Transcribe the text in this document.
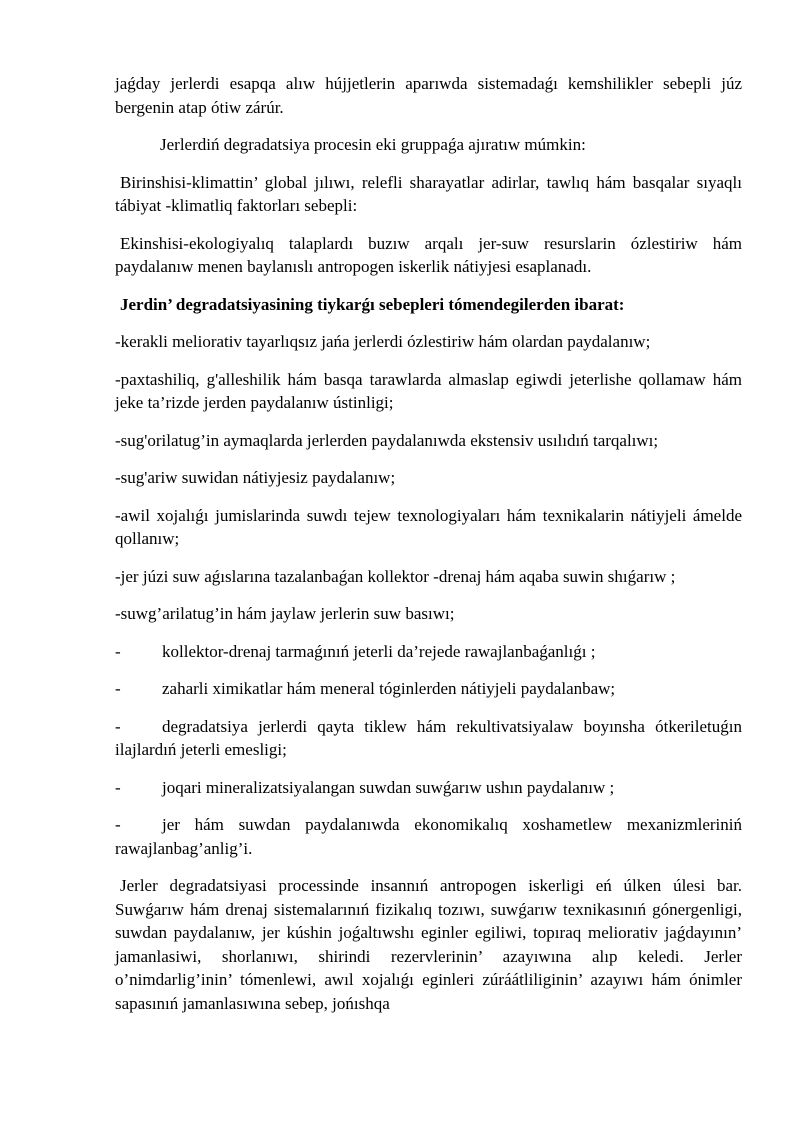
jaǵday jerlerdi esapqa alıw hújjetlerin aparıwda sistemadaǵı kemshilikler sebepli júz bergenin atap ótiw zárúr.

Jerlerdiń degradatsiya procesin eki gruppaǵa ajıratıw múmkin:

Birinshisi-klimattin’ global jılıwı, relefli sharayatlar adirlar, tawlıq hám basqalar sıyaqlı tábiyat -klimatliq faktorları sebepli:

Ekinshisi-ekologiyalıq talaplardı buzıw arqalı jer-suw resurslarin ózlestiriw hám paydalanıw menen baylanıslı antropogen iskerlik nátiyjesi esaplanadı.

Jerdin’ degradatsiyasining tiykarǵı sebepleri tómendegilerden ibarat:

-kerakli meliorativ tayarlıqsız jańa jerlerdi ózlestiriw hám olardan paydalanıw;

-paxtashiliq, g'alleshilik hám basqa tarawlarda almaslap egiwdi jeterlishe qollamaw hám jeke ta’rizde jerden paydalanıw ústinligi;

-sug'orilatug’in aymaqlarda jerlerden paydalanıwda ekstensiv usılıdıń tarqalıwı;

-sug'ariw suwidan nátiyjesiz paydalanıw;

-awil xojalıǵı jumislarinda suwdı tejew texnologiyaları hám texnikalarin nátiyjeli ámelde qollanıw;

-jer júzi suw aǵıslarına tazalanbaǵan kollektor -drenaj hám aqaba suwin shıǵarıw ;

-suwg’arilatug’in hám jaylaw jerlerin suw basıwı;

-	kollektor-drenaj tarmaǵınıń jeterli da’rejede rawajlanbaǵanlıǵı ;
-	zaharli ximikatlar hám meneral tóginlerden nátiyjeli paydalanbaw;
-	degradatsiya jerlerdi qayta tiklew hám rekultivatsiyalaw boyınsha ótkeriletuǵın ilajlardıń jeterli emesligi;
-	joqari mineralizatsiyalangan suwdan suwǵarıw ushın paydalanıw ;
-	jer hám suwdan paydalanıwda ekonomikalıq xoshametlew mexanizmleriniń rawajlanbag’anlig’i.

Jerler degradatsiyasi processinde insannıń antropogen iskerligi eń úlken úlesi bar. Suwǵarıw hám drenaj sistemalarınıń fizikalıq tozıwı, suwǵarıw texnikasınıń gónergenligi, suwdan paydalanıw, jer kúshin joǵaltıwshı eginler egiliwi, topıraq meliorativ jaǵdayının’ jamanlasiwi, shorlanıwı, shirindi rezervlerinin’ azayıwına alıp keledi. Jerler o’nimdarlig’inin’ tómenlewi, awıl xojalıǵı eginleri zúráátliliginin’ azayıwı hám ónimler sapasınıń jamanlasıwına sebep, jońıshqa
